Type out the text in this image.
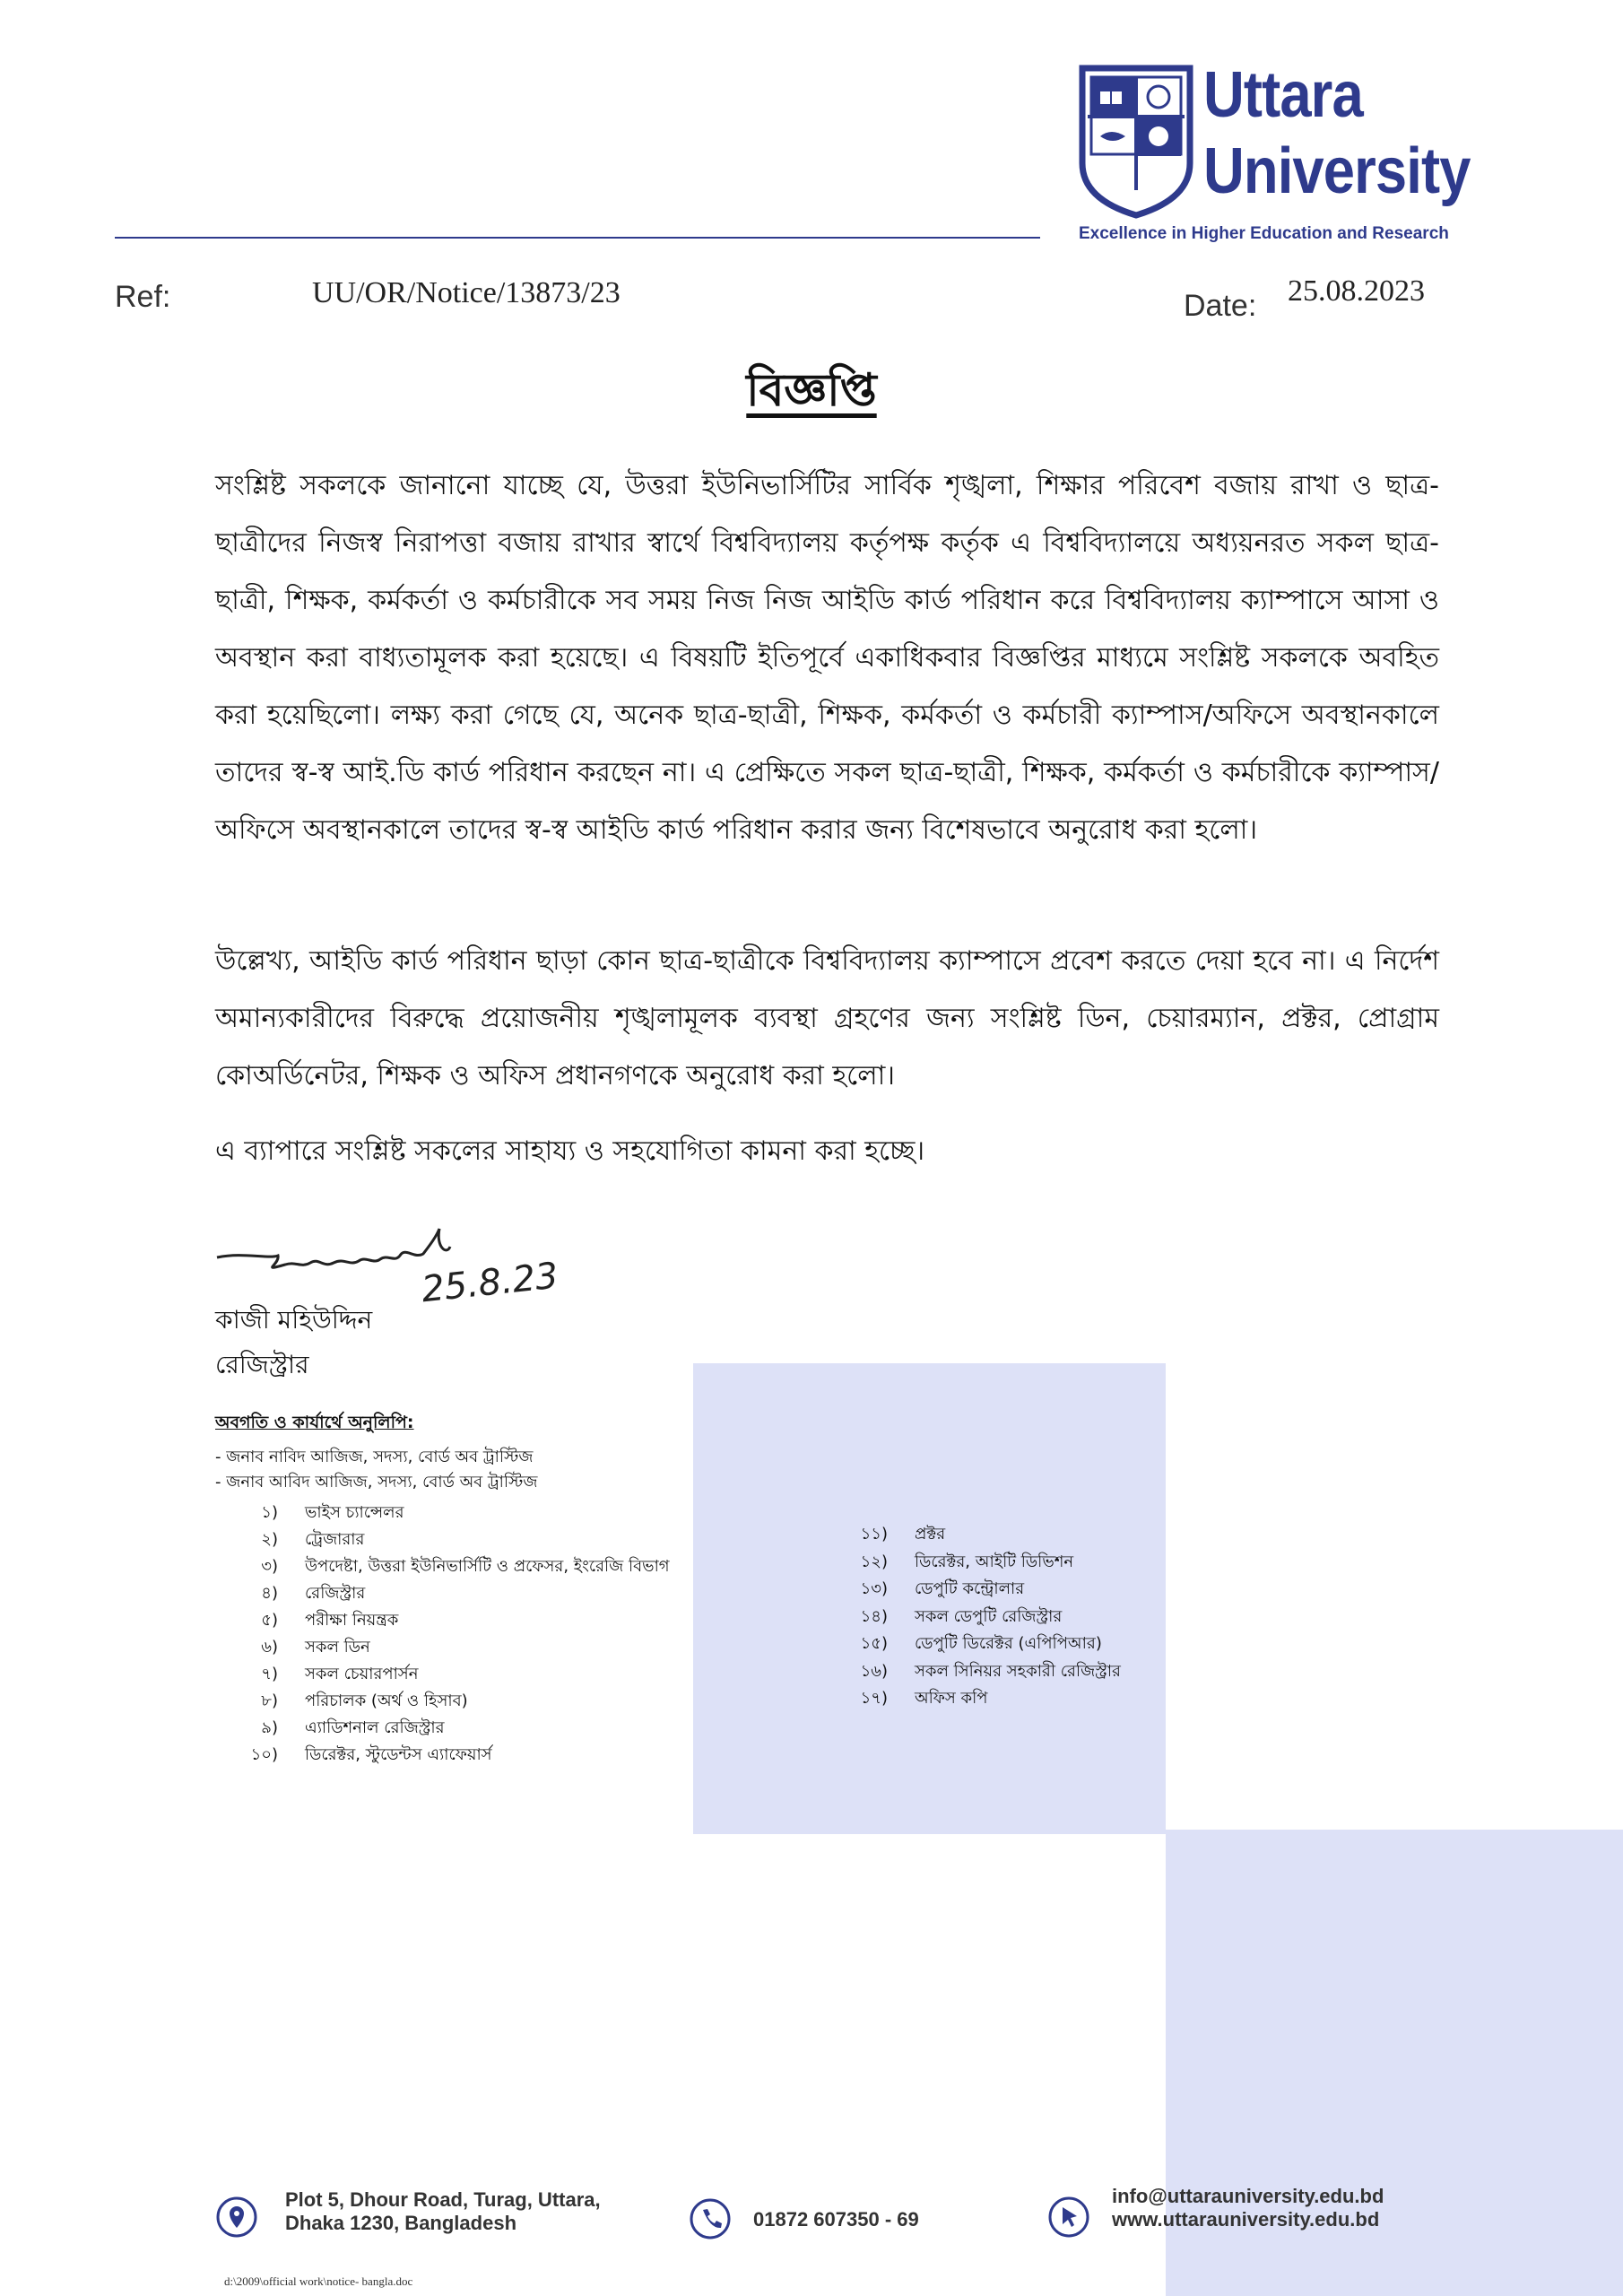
Uttara
University
Excellence in Higher Education and Research
Ref:	UU/OR/Notice/13873/23	Date: 25.08.2023
বিজ্ঞপ্তি

সংশ্লিষ্ট সকলকে জানানো যাচ্ছে যে, উত্তরা ইউনিভার্সিটির সার্বিক শৃঙ্খলা, শিক্ষার পরিবেশ বজায় রাখা ও ছাত্র-ছাত্রীদের নিজস্ব নিরাপত্তা বজায় রাখার স্বার্থে বিশ্ববিদ্যালয় কর্তৃপক্ষ কর্তৃক এ বিশ্ববিদ্যালয়ে অধ্যয়নরত সকল ছাত্র-ছাত্রী, শিক্ষক, কর্মকর্তা ও কর্মচারীকে সব সময় নিজ নিজ আইডি কার্ড পরিধান করে বিশ্ববিদ্যালয় ক্যাম্পাসে আসা ও অবস্থান করা বাধ্যতামূলক করা হয়েছে। এ বিষয়টি ইতিপূর্বে একাধিকবার বিজ্ঞপ্তির মাধ্যমে সংশ্লিষ্ট সকলকে অবহিত করা হয়েছিলো। লক্ষ্য করা গেছে যে, অনেক ছাত্র-ছাত্রী, শিক্ষক, কর্মকর্তা ও কর্মচারী ক্যাম্পাস/অফিসে অবস্থানকালে তাদের স্ব-স্ব আই.ডি কার্ড পরিধান করছেন না। এ প্রেক্ষিতে সকল ছাত্র-ছাত্রী, শিক্ষক, কর্মকর্তা ও কর্মচারীকে ক্যাম্পাস/ অফিসে অবস্থানকালে তাদের স্ব-স্ব আইডি কার্ড পরিধান করার জন্য বিশেষভাবে অনুরোধ করা হলো।

উল্লেখ্য, আইডি কার্ড পরিধান ছাড়া কোন ছাত্র-ছাত্রীকে বিশ্ববিদ্যালয় ক্যাম্পাসে প্রবেশ করতে দেয়া হবে না। এ নির্দেশ অমান্যকারীদের বিরুদ্ধে প্রয়োজনীয় শৃঙ্খলামূলক ব্যবস্থা গ্রহণের জন্য সংশ্লিষ্ট ডিন, চেয়ারম্যান, প্রক্টর, প্রোগ্রাম কোঅর্ডিনেটর, শিক্ষক ও অফিস প্রধানগণকে অনুরোধ করা হলো।

এ ব্যাপারে সংশ্লিষ্ট সকলের সাহায্য ও সহযোগিতা কামনা করা হচ্ছে।

25.8.23
কাজী মহিউদ্দিন
রেজিস্ট্রার
অবগতি ও কার্যার্থে অনুলিপি:
- জনাব নাবিদ আজিজ, সদস্য, বোর্ড অব ট্রাস্টিজ
- জনাব আবিদ আজিজ, সদস্য, বোর্ড অব ট্রাস্টিজ
১) ভাইস চ্যান্সেলর
২) ট্রেজারার
৩) উপদেষ্টা, উত্তরা ইউনিভার্সিটি ও প্রফেসর, ইংরেজি বিভাগ
৪) রেজিস্ট্রার
৫) পরীক্ষা নিয়ন্ত্রক
৬) সকল ডিন
৭) সকল চেয়ারপার্সন
৮) পরিচালক (অর্থ ও হিসাব)
৯) এ্যাডিশনাল রেজিস্ট্রার
১০) ডিরেক্টর, স্টুডেন্টস এ্যাফেয়ার্স
১১) প্রক্টর
১২) ডিরেক্টর, আইটি ডিভিশন
১৩) ডেপুটি কন্ট্রোলার
১৪) সকল ডেপুটি রেজিস্ট্রার
১৫) ডেপুটি ডিরেক্টর (এপিপিআর)
১৬) সকল সিনিয়র সহকারী রেজিস্ট্রার
১৭) অফিস কপি
Plot 5, Dhour Road, Turag, Uttara,
Dhaka 1230, Bangladesh	01872 607350 - 69
info@uttarauniversity.edu.bd
www.uttarauniversity.edu.bd
d:\2009\official work\notice- bangla.doc
